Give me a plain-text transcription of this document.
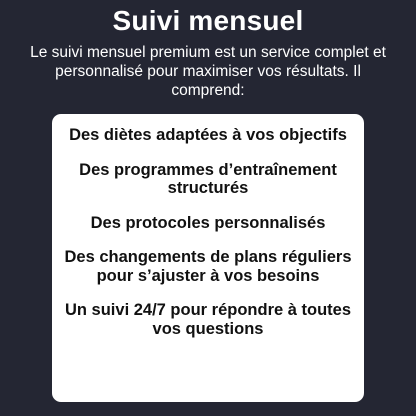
Suivi mensuel

Le suivi mensuel premium est un service complet et personnalisé pour maximiser vos résultats. Il comprend:

Des diètes adaptées à vos objectifs

Des programmes d’entraînement structurés

Des protocoles personnalisés

Des changements de plans réguliers pour s’ajuster à vos besoins

Un suivi 24/7 pour répondre à toutes vos questions
